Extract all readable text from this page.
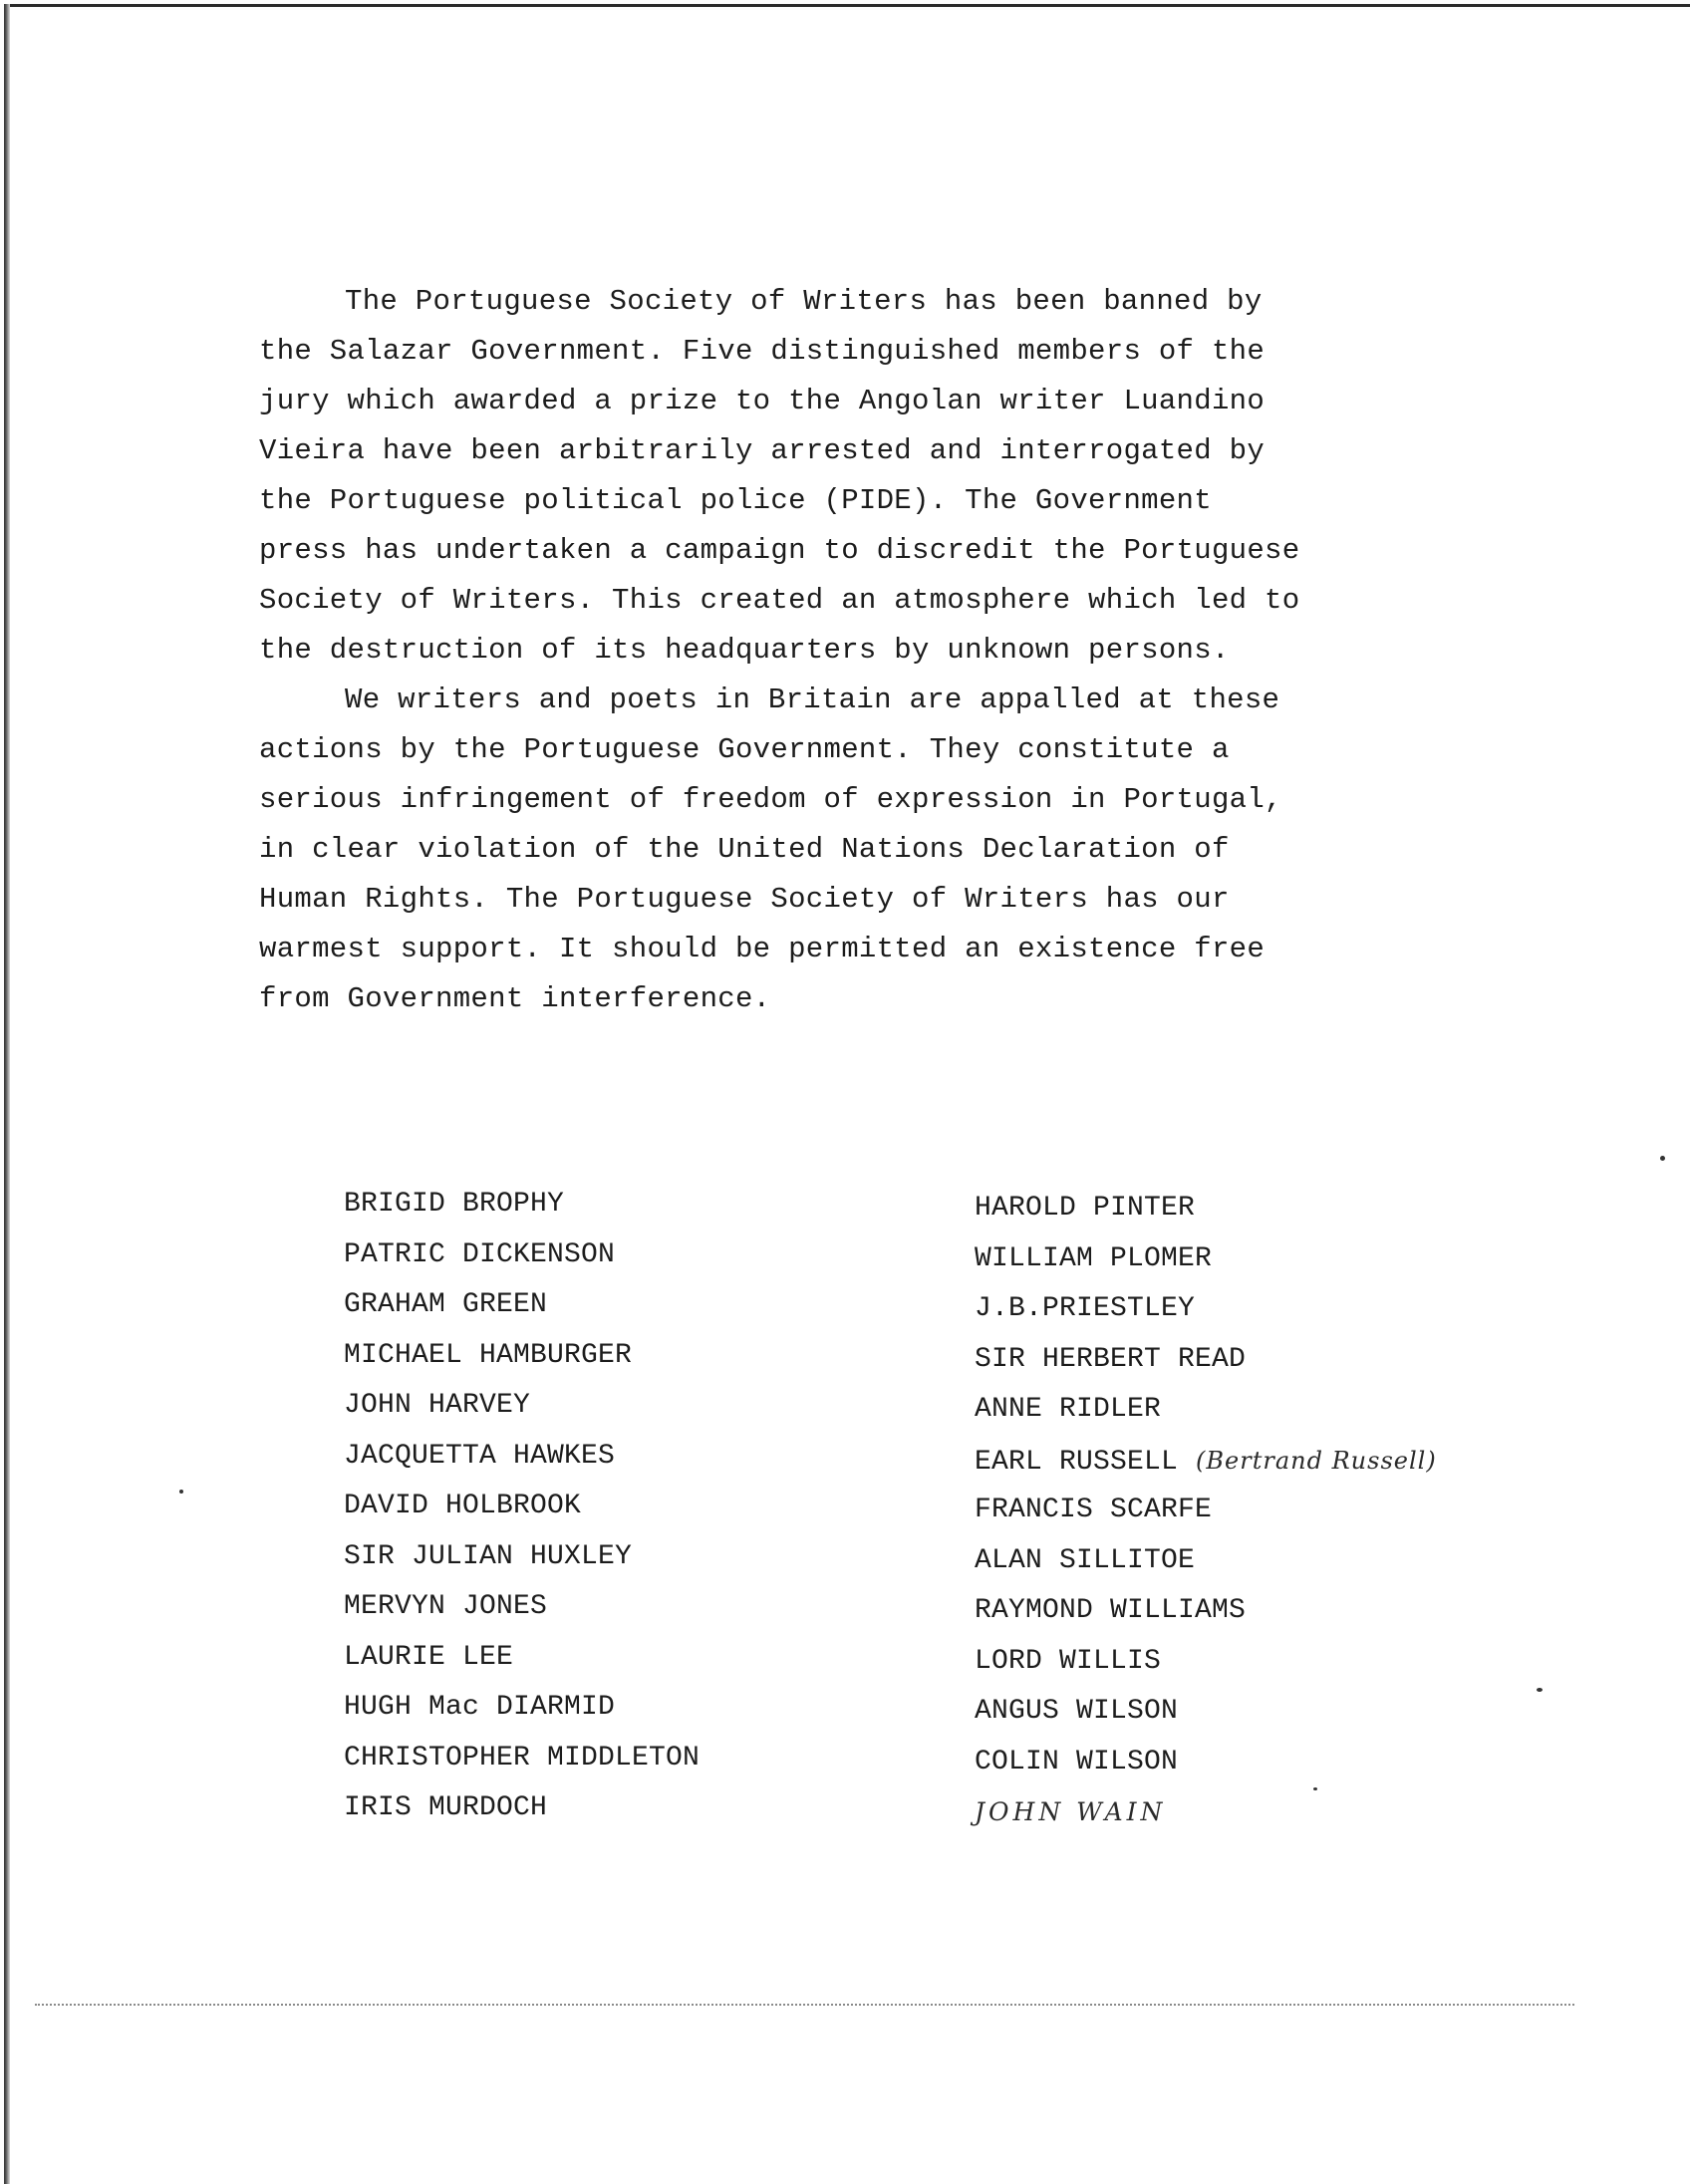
The Portuguese Society of Writers has been banned by the Salazar Government. Five distinguished members of the jury which awarded a prize to the Angolan writer Luandino Vieira have been arbitrarily arrested and interrogated by the Portuguese political police (PIDE). The Government press has undertaken a campaign to discredit the Portuguese Society of Writers. This created an atmosphere which led to the destruction of its headquarters by unknown persons.

We writers and poets in Britain are appalled at these actions by the Portuguese Government. They constitute a serious infringement of freedom of expression in Portugal, in clear violation of the United Nations Declaration of Human Rights. The Portuguese Society of Writers has our warmest support. It should be permitted an existence free from Government interference.

BRIGID BROPHY
PATRIC DICKENSON
GRAHAM GREEN
MICHAEL HAMBURGER
JOHN HARVEY
JACQUETTA HAWKES
DAVID HOLBROOK
SIR JULIAN HUXLEY
MERVYN JONES
LAURIE LEE
HUGH Mac DIARMID
CHRISTOPHER MIDDLETON
IRIS MURDOCH
HAROLD PINTER
WILLIAM PLOMER
J.B.PRIESTLEY
SIR HERBERT READ
ANNE RIDLER
EARL RUSSELL (Bertrand Russell)
FRANCIS SCARFE
ALAN SILLITOE
RAYMOND WILLIAMS
LORD WILLIS
ANGUS WILSON
COLIN WILSON
JOHN WAIN
